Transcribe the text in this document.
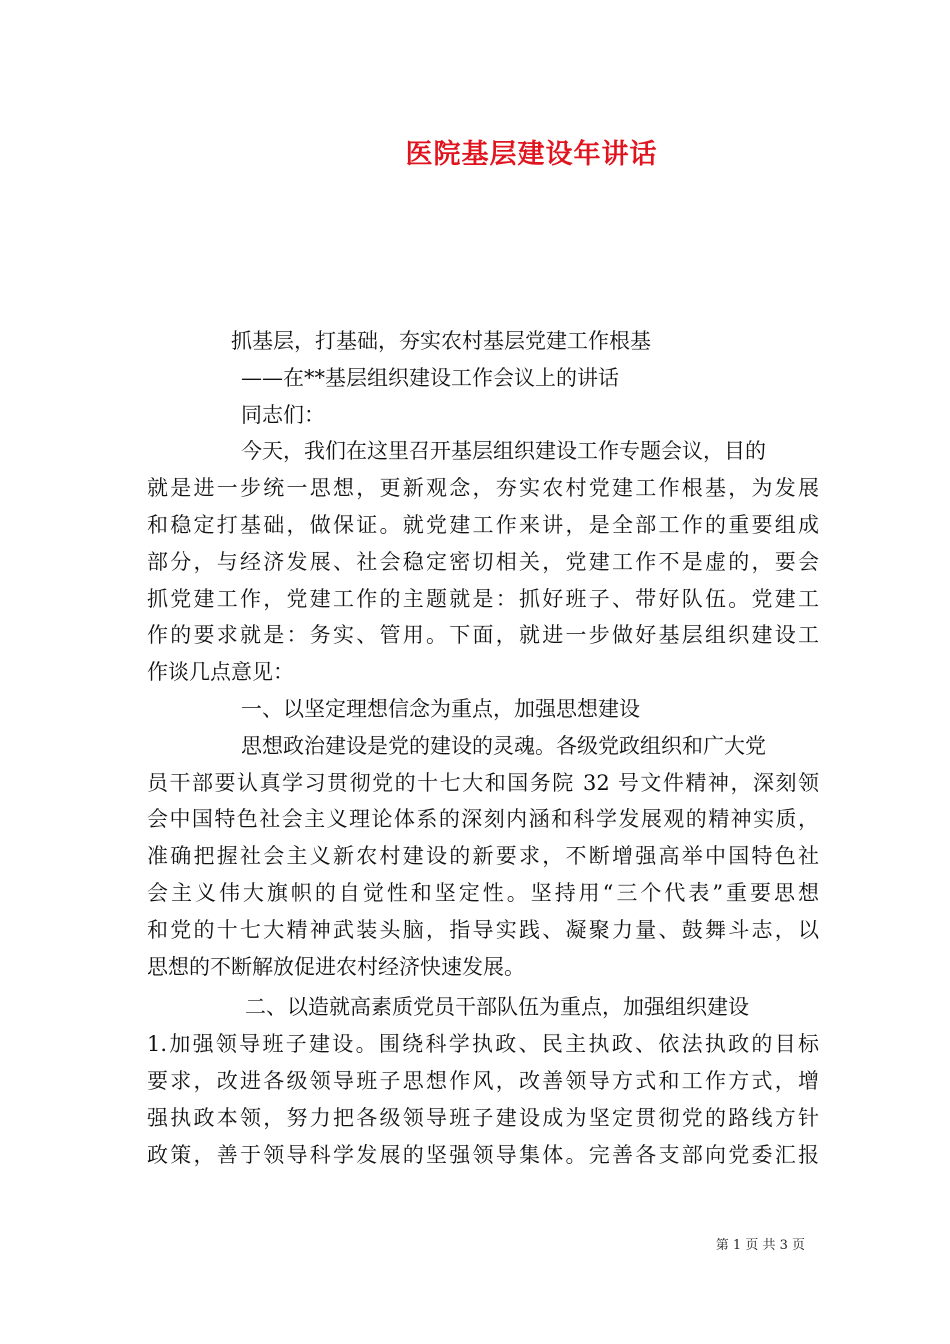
医院基层建设年讲话
抓基层，打基础，夯实农村基层党建工作根基
——在**基层组织建设工作会议上的讲话
同志们：
今天，我们在这里召开基层组织建设工作专题会议，目的
就是进一步统一思想，更新观念，夯实农村党建工作根基，为发展
和稳定打基础，做保证。就党建工作来讲，是全部工作的重要组成
部分，与经济发展、社会稳定密切相关，党建工作不是虚的，要会
抓党建工作，党建工作的主题就是：抓好班子、带好队伍。党建工
作的要求就是：务实、管用。下面，就进一步做好基层组织建设工
作谈几点意见：
一、以坚定理想信念为重点，加强思想建设
思想政治建设是党的建设的灵魂。各级党政组织和广大党
员干部要认真学习贯彻党的十七大和国务院 32 号文件精神，深刻领
会中国特色社会主义理论体系的深刻内涵和科学发展观的精神实质，
准确把握社会主义新农村建设的新要求，不断增强高举中国特色社
会主义伟大旗帜的自觉性和坚定性。坚持用“三个代表”重要思想
和党的十七大精神武装头脑，指导实践、凝聚力量、鼓舞斗志，以
思想的不断解放促进农村经济快速发展。
二、以造就高素质党员干部队伍为重点，加强组织建设
1.加强领导班子建设。围绕科学执政、民主执政、依法执政的目标
要求，改进各级领导班子思想作风，改善领导方式和工作方式，增
强执政本领，努力把各级领导班子建设成为坚定贯彻党的路线方针
政策，善于领导科学发展的坚强领导集体。完善各支部向党委汇报
第 1 页 共 3 页
